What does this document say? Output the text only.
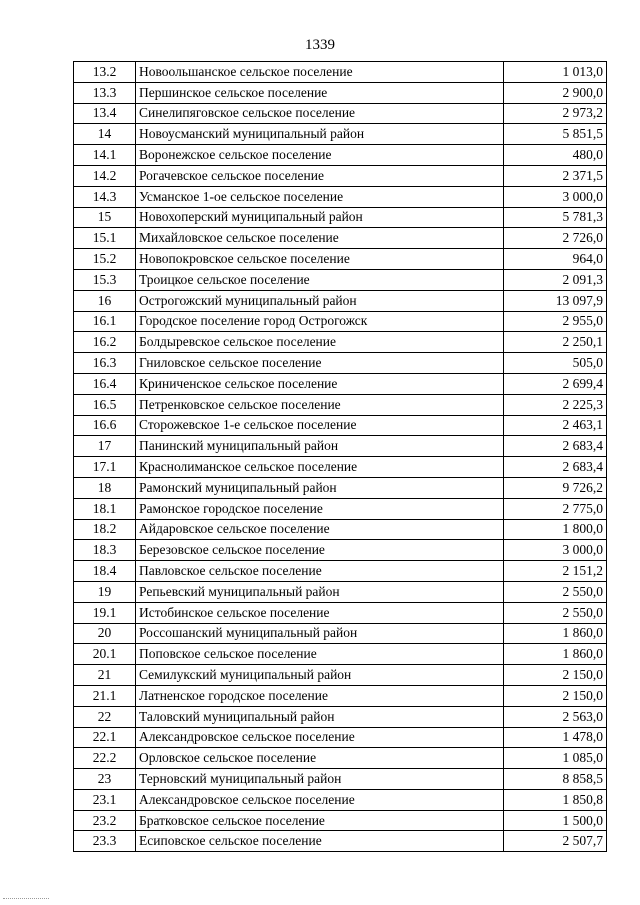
1339
13.2	Новоольшанское сельское поселение	1 013,0
13.3	Першинское сельское поселение	2 900,0
13.4	Синелипяговское сельское поселение	2 973,2
14	Новоусманский муниципальный район	5 851,5
14.1	Воронежское сельское поселение	480,0
14.2	Рогачевское сельское поселение	2 371,5
14.3	Усманское 1-ое сельское поселение	3 000,0
15	Новохоперский муниципальный район	5 781,3
15.1	Михайловское сельское поселение	2 726,0
15.2	Новопокровское сельское поселение	964,0
15.3	Троицкое сельское поселение	2 091,3
16	Острогожский муниципальный район	13 097,9
16.1	Городское поселение город Острогожск	2 955,0
16.2	Болдыревское сельское поселение	2 250,1
16.3	Гниловское сельское поселение	505,0
16.4	Криниченское сельское поселение	2 699,4
16.5	Петренковское сельское поселение	2 225,3
16.6	Сторожевское 1-е сельское поселение	2 463,1
17	Панинский муниципальный район	2 683,4
17.1	Краснолиманское сельское поселение	2 683,4
18	Рамонский муниципальный район	9 726,2
18.1	Рамонское городское поселение	2 775,0
18.2	Айдаровское сельское поселение	1 800,0
18.3	Березовское сельское поселение	3 000,0
18.4	Павловское сельское поселение	2 151,2
19	Репьевский муниципальный район	2 550,0
19.1	Истобинское сельское поселение	2 550,0
20	Россошанский муниципальный район	1 860,0
20.1	Поповское сельское поселение	1 860,0
21	Семилукский муниципальный район	2 150,0
21.1	Латненское городское поселение	2 150,0
22	Таловский муниципальный район	2 563,0
22.1	Александровское сельское поселение	1 478,0
22.2	Орловское сельское поселение	1 085,0
23	Терновский муниципальный район	8 858,5
23.1	Александровское сельское поселение	1 850,8
23.2	Братковское сельское поселение	1 500,0
23.3	Есиповское сельское поселение	2 507,7
